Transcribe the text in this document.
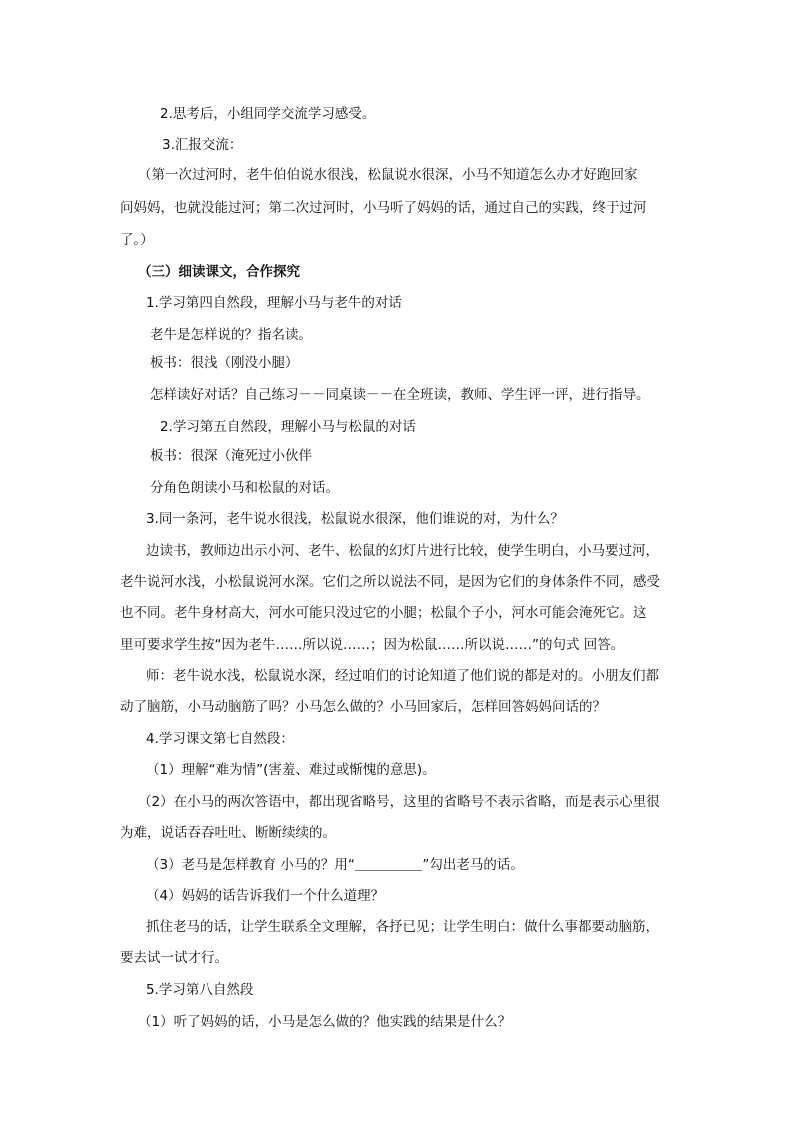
2.思考后，小组同学交流学习感受。
3.汇报交流：
（第一次过河时，老牛伯伯说水很浅，松鼠说水很深，小马不知道怎么办才好跑回家
问妈妈，也就没能过河；第二次过河时，小马听了妈妈的话，通过自己的实践，终于过河
了。）
（三）细读课文，合作探究
1.学习第四自然段，理解小马与老牛的对话
老牛是怎样说的？指名读。
板书：很浅（刚没小腿）
怎样读好对话？自己练习－－同桌读－－在全班读，教师、学生评一评，进行指导。
2.学习第五自然段，理解小马与松鼠的对话
板书：很深（淹死过小伙伴
分角色朗读小马和松鼠的对话。
3.同一条河，老牛说水很浅，松鼠说水很深，他们谁说的对，为什么？
边读书，教师边出示小河、老牛、松鼠的幻灯片进行比较，使学生明白，小马要过河，
老牛说河水浅，小松鼠说河水深。它们之所以说法不同，是因为它们的身体条件不同，感受
也不同。老牛身材高大，河水可能只没过它的小腿；松鼠个子小，河水可能会淹死它。这
里可要求学生按“因为老牛……所以说……；因为松鼠……所以说……”的句式 回答。
师：老牛说水浅，松鼠说水深，经过咱们的讨论知道了他们说的都是对的。小朋友们都
动了脑筋，小马动脑筋了吗？小马怎么做的？小马回家后，怎样回答妈妈问话的？
4.学习课文第七自然段：
（1）理解“难为情”(害羞、难过或惭愧的意思)。
（2）在小马的两次答语中，都出现省略号，这里的省略号不表示省略，而是表示心里很
为难，说话吞吞吐吐、断断续续的。
（3）老马是怎样教育 小马的？用“＿＿＿＿＿”勾出老马的话。
（4）妈妈的话告诉我们一个什么道理？
抓住老马的话，让学生联系全文理解，各抒已见；让学生明白：做什么事都要动脑筋，
要去试一试才行。
5.学习第八自然段
（1）听了妈妈的话，小马是怎么做的？他实践的结果是什么？
